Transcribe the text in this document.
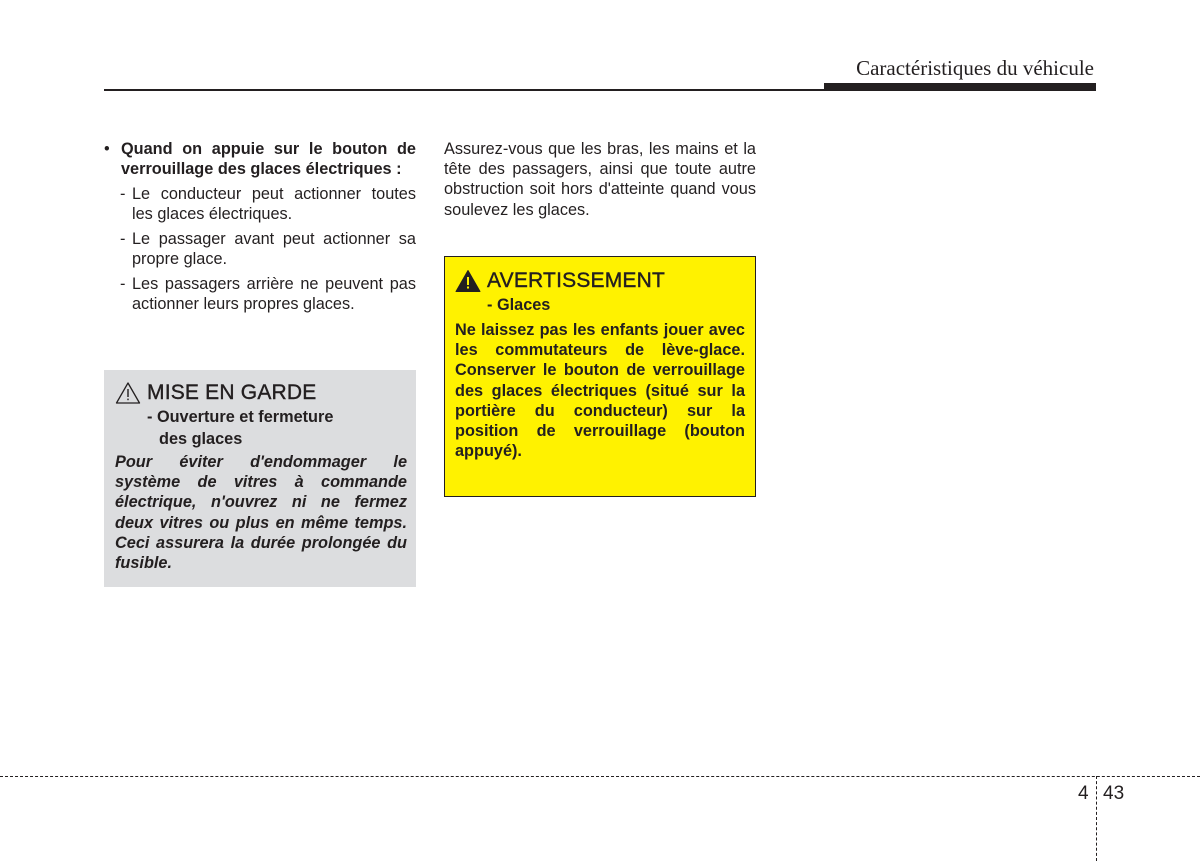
Caractéristiques du véhicule
• Quand on appuie sur le bouton de verrouillage des glaces électriques :
- Le conducteur peut actionner toutes les glaces électriques.
- Le passager avant peut actionner sa propre glace.
- Les passagers arrière ne peuvent pas actionner leurs propres glaces.
MISE EN GARDE
- Ouverture et fermeture
des glaces
Pour éviter d'endommager le système de vitres à commande électrique, n'ouvrez ni ne fermez deux vitres ou plus en même temps. Ceci assurera la durée prolongée du fusible.
Assurez-vous que les bras, les mains et la tête des passagers, ainsi que toute autre obstruction soit hors d'atteinte quand vous soulevez les glaces.
AVERTISSEMENT
- Glaces
Ne laissez pas les enfants jouer avec les commutateurs de lève-glace. Conserver le bouton de verrouillage des glaces électriques (situé sur la portière du conducteur) sur la position de verrouillage (bouton appuyé).
4 43
